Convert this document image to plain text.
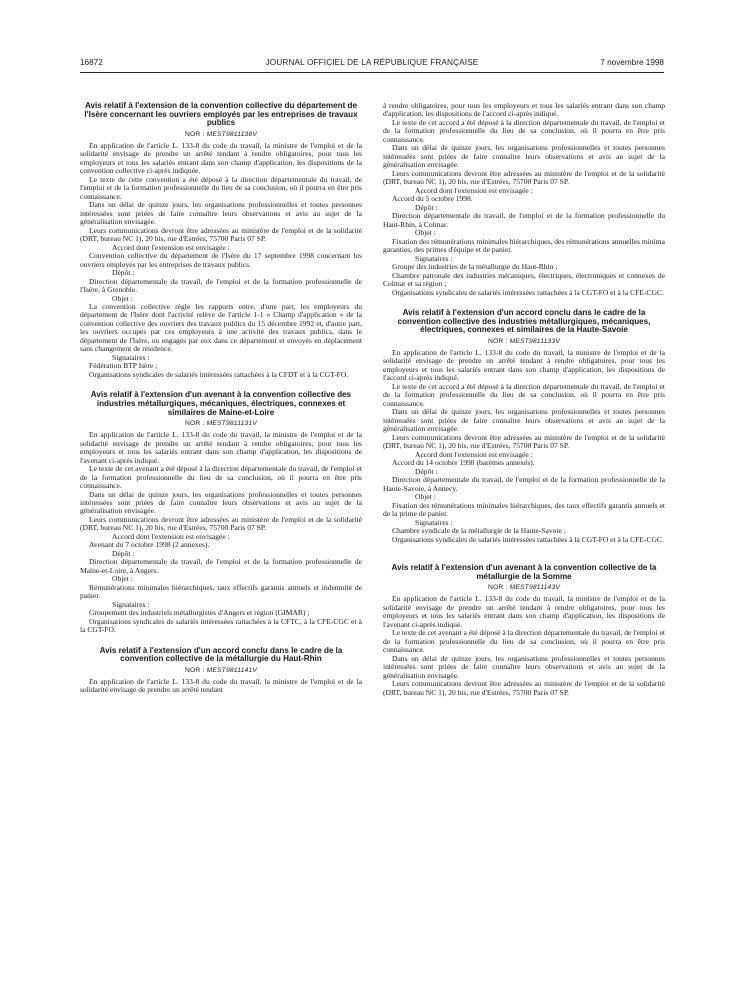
16872	JOURNAL OFFICIEL DE LA RÉPUBLIQUE FRANÇAISE	7 novembre 1998
Avis relatif à l'extension de la convention collective du département de l'Isère concernant les ouvriers employés par les entreprises de travaux publics
NOR : MEST9811138V

En application de l'article L. 133-8 du code du travail, la ministre de l'emploi et de la solidarité envisage de prendre un arrêté tendant à rendre obligatoires, pour tous les employeurs et tous les salariés entrant dans son champ d'application, les dispositions de la convention collective ci-après indiquée.

Le texte de cette convention a été déposé à la direction départementale du travail, de l'emploi et de la formation professionnelle du lieu de sa conclusion, où il pourra en être pris connaissance.

Dans un délai de quinze jours, les organisations professionnelles et toutes personnes intéressées sont priées de faire connaître leurs observations et avis au sujet de la généralisation envisagée.

Leurs communications devront être adressées au ministère de l'emploi et de la solidarité (DRT, bureau NC 1), 20 bis, rue d'Estrées, 75700 Paris 07 SP.

Accord dont l'extension est envisagée :

Convention collective du département de l'Isère du 17 septembre 1998 concernant les ouvriers employés par les entreprises de travaux publics.

Dépôt :

Direction départementale du travail, de l'emploi et de la formation professionnelle de l'Isère, à Grenoble.

Objet :

La convention collective règle les rapports entre, d'une part, les employeurs du département de l'Isère dont l'activité relève de l'article 1-1 « Champ d'application » de la convention collective des ouvriers des travaux publics du 15 décembre 1992 et, d'autre part, les ouvriers occupés par ces employeurs à une activité des travaux publics, dans le département de l'Isère, ou engagés par eux dans ce département et envoyés en déplacement sans changement de résidence.

Signataires :

Fédération BTP Isère ;

Organisations syndicales de salariés intéressées rattachées à la CFDT et à la CGT-FO.

Avis relatif à l'extension d'un avenant à la convention collective des industries métallurgiques, mécaniques, électriques, connexes et similaires de Maine-et-Loire
NOR : MEST9811131V

En application de l'article L. 133-8 du code du travail, la ministre de l'emploi et de la solidarité envisage de prendre un arrêté tendant à rendre obligatoires, pour tous les employeurs et tous les salariés entrant dans son champ d'application, les dispositions de l'avenant ci-après indiqué.

Le texte de cet avenant a été déposé à la direction départementale du travail, de l'emploi et de la formation professionnelle du lieu de sa conclusion, où il pourra en être pris connaissance.

Dans un délai de quinze jours, les organisations professionnelles et toutes personnes intéressées sont priées de faire connaître leurs observations et avis au sujet de la généralisation envisagée.

Leurs communications devront être adressées au ministère de l'emploi et de la solidarité (DRT, bureau NC 1), 20 bis, rue d'Estrées, 75700 Paris 07 SP.

Accord dont l'extension est envisagée :

Avenant du 7 octobre 1998 (2 annexes).

Dépôt :

Direction départementale du travail, de l'emploi et de la formation professionnelle de Maine-et-Loire, à Angers.

Objet :

Rémunérations minimales hiérarchiques, taux effectifs garantis annuels et indemnité de panier.

Signataires :

Groupement des industriels métallurgistes d'Angers et région (GIMAR) ;

Organisations syndicales de salariés intéressées rattachées à la CFTC, à la CFE-CGC et à la CGT-FO.

Avis relatif à l'extension d'un accord conclu dans le cadre de la convention collective de la métallurgie du Haut-Rhin
NOR : MEST9811141V

En application de l'article L. 133-8 du code du travail, la ministre de l'emploi et de la solidarité envisage de prendre un arrêté tendant

à rendre obligatoires, pour tous les employeurs et tous les salariés entrant dans son champ d'application, les dispositions de l'accord ci-après indiqué.

Le texte de cet accord a été déposé à la direction départementale du travail, de l'emploi et de la formation professionnelle du lieu de sa conclusion, où il pourra en être pris connaissance.

Dans un délai de quinze jours, les organisations professionnelles et toutes personnes intéressées sont priées de faire connaître leurs observations et avis au sujet de la généralisation envisagée.

Leurs communications devront être adressées au ministère de l'emploi et de la solidarité (DRT, bureau NC 1), 20 bis, rue d'Estrées, 75700 Paris 07 SP.

Accord dont l'extension est envisagée :

Accord du 5 octobre 1998.

Dépôt :

Direction départementale du travail, de l'emploi et de la formation professionnelle du Haut-Rhin, à Colmar.

Objet :

Fixation des rémunérations minimales hiérarchiques, des rémunérations annuelles minima garanties, des primes d'équipe et de panier.

Signataires :

Groupe des industries de la métallurgie du Haut-Rhin ;

Chambre patronale des industries mécaniques, électriques, électroniques et connexes de Colmar et sa région ;

Organisations syndicales de salariés intéressées rattachées à la CGT-FO et à la CFE-CGC.

Avis relatif à l'extension d'un accord conclu dans le cadre de la convention collective des industries métallurgiques, mécaniques, électriques, connexes et similaires de la Haute-Savoie
NOR : MEST9811133V

En application de l'article L. 133-8 du code du travail, la ministre de l'emploi et de la solidarité envisage de prendre un arrêté tendant à rendre obligatoires, pour tous les employeurs et tous les salariés entrant dans son champ d'application, les dispositions de l'accord ci-après indiqué.

Le texte de cet accord a été déposé à la direction départementale du travail, de l'emploi et de la formation professionnelle du lieu de sa conclusion, où il pourra en être pris connaissance.

Dans un délai de quinze jours, les organisations professionnelles et toutes personnes intéressées sont priées de faire connaître leurs observations et avis au sujet de la généralisation envisagée.

Leurs communications devront être adressées au ministère de l'emploi et de la solidarité (DRT, bureau NC 1), 20 bis, rue d'Estrées, 75700 Paris 07 SP.

Accord dont l'extension est envisagée :

Accord du 14 octobre 1998 (barèmes annexés).

Dépôt :

Direction départementale du travail, de l'emploi et de la formation professionnelle de la Haute-Savoie, à Annecy.

Objet :

Fixation des rémunérations minimales hiérarchiques, des taux effectifs garantis annuels et de la prime de panier.

Signataires :

Chambre syndicale de la métallurgie de la Haute-Savoie ;

Organisations syndicales de salariés intéressées rattachées à la CGT-FO et à la CFE-CGC.

Avis relatif à l'extension d'un avenant à la convention collective de la métallurgie de la Somme
NOR : MEST9811143V

En application de l'article L. 133-8 du code du travail, la ministre de l'emploi et de la solidarité envisage de prendre un arrêté tendant à rendre obligatoires, pour tous les employeurs et tous les salariés entrant dans son champ d'application, les dispositions de l'avenant ci-après indiqué.

Le texte de cet avenant a été déposé à la direction départementale du travail, de l'emploi et de la formation professionnelle du lieu de sa conclusion, où il pourra en être pris connaissance.

Dans un délai de quinze jours, les organisations professionnelles et toutes personnes intéressées sont priées de faire connaître leurs observations et avis au sujet de la généralisation envisagée.

Leurs communications devront être adressées au ministère de l'emploi et de la solidarité (DRT, bureau NC 1), 20 bis, rue d'Estrées, 75700 Paris 07 SP.
